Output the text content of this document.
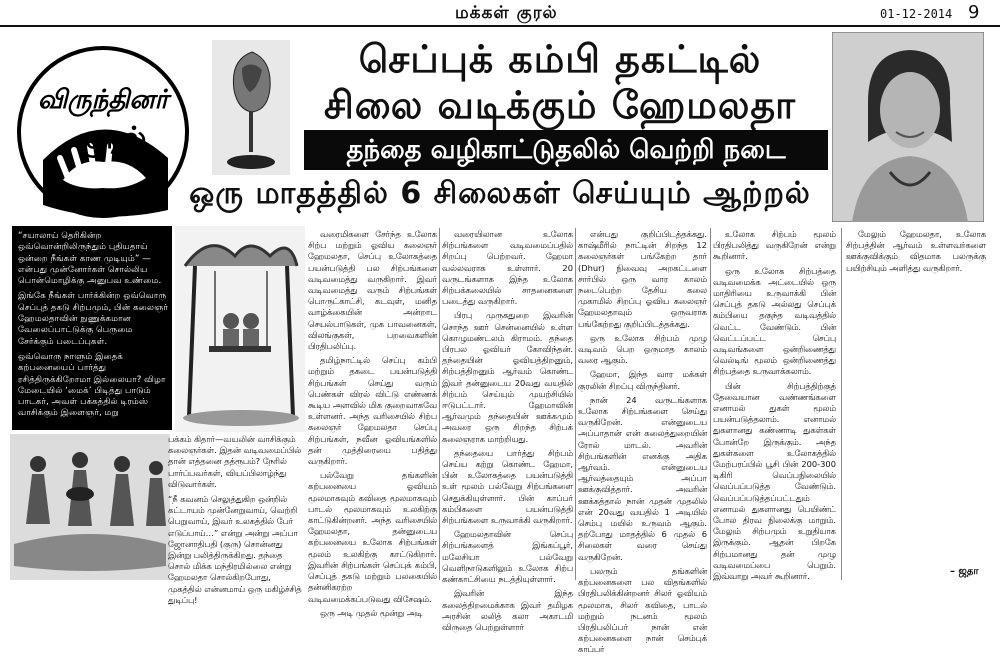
மக்கள் குரல்	01-12-2014 9
விருந்தினர்
குரல்
செப்புக் கம்பி தகட்டில்
சிலை வடிக்கும் ஹேமலதா
தந்தை வழிகாட்டுதலில் வெற்றி நடை
ஒரு மாதத்தில் 6 சிலைகள் செய்யும் ஆற்றல்

“சயாலாய் தெரிகின்ற ஒவ்வொன்றிலிருந்தும் புதியதாய் ஒன்றை நீங்கள் காண முடியும்” —என்பது முன்னோர்கள் சொல்லிய பொன்மொழிக்கு அனுபவ உண்மை.

இங்கே நீங்கள் பார்க்கின்ற ஒவ்வொரு செப்புத் தகடு சிற்பமும், பின் கலைஞர் ஹேமலதாவின் நுணுக்கமான வேலைப்பாட்டுக்கு பெருமை சேர்க்கும் படைப்புகள்.

ஒவ்வொரு நாளும் இதைக் கற்பனையைப் பார்த்து ரசித்திருக்கிறோமா இல்லையா? விழா மேடையில் ‘மைக்’ பிடித்து பாடும் பாடகர், அவள் பக்கத்தில் டிரம்ஸ் வாசிக்கும் இளைஞர், மறு

பக்கம் கிதார்—வயலின் வாசிக்கும் கலைஞர்கள். இதன் வடிவமைப்பில் தான் எத்தனை தத்ரூபம்? நேரில் பார்ப்பவர்கள், வியப்பிலாழ்ந்து விடுவார்கள்.

“நீ கவனம் செலுத்துகிற ஒன்றில் கட்டாயம் முன்னேறுவாய், வெற்றி பெறுவாய், இவர் உலகத்தில் பேர் எடுப்பாய்…” என்று அன்று அப்பா ஜோனாதிபதி (குரு) சொன்னது இன்று பலித்திருக்கிறது. தந்தை சொல் மிக்க மந்திரமில்லை என்று ஹேமலதா சொல்கிறபோது, முகத்தில் என்னமாய் ஒரு மகிழ்ச்சித் துடிப்பு!

வரைமிகளை சேர்ந்த உலோக சிற்ப மற்றும் ஓவிய கலைஞர் ஹேமலதா, செப்பு உலோகத்தை பயன்படுத்தி பல சிற்பங்களை வடிவமைத்து வருகிறார். இவர் வடிவமைத்து வரும் சிற்பங்கள் பொருட்காட்சி, கடவுள், மனித வாழ்க்கையின் அன்றாட செயல்பாடுகள், முக பாவனைகள், விலங்குகள், பறவைகளின் பிரதிபலிப்பு.

தமிழ்நாட்டில் செப்பு கம்பி மற்றும் தகடை பயன்படுத்தி சிற்பங்கள் செய்து வரும் பெண்கள் விரல் விட்டு எண்ணக் கூடிய அளவில் மிக குறைவாகவே உள்ளனர். அந்த வரிசையில் சிற்ப கலைஞர் ஹேமலதா செப்பு சிற்பங்கள், நவீன ஓவியங்களில் தன் முத்திரையை பதித்து வருகிறார்.

பல்வேறு தங்களின் கற்பனையை ஓவியம் மூலமாகவும் கவிதை மூலமாகவும் பாடல் மூலமாகவும் உலகிற்கு காட்டுகின்றனர். அந்த வரிசையில் ஹேமலதா, தன்னுடைய கற்பனையை உலோக சிற்பங்கள் மூலம் உலகிற்கு காட்டுகிறார். இவரின் சிற்பங்கள் செப்புக் கம்பி, செப்புத் தகடு மற்றும் பலகையில் தன்னிகரற்ற வடிவமைக்கப்படுவது விசேஷம்.

ஒரு அடி முதல் மூன்று அடி

வரையிலான உலோக சிற்பங்களை வடிவமைப்பதில் சிறப்பு பெற்றவர். ஹேமா வல்லவராக உள்ளார். 20 வருடங்களாக இந்த உலோக சிற்பக்கலையில் சாதனைகளை படைத்து வருகிறார்.

பிரபு முருகதுறை இவரின் சொந்த ஊர் சென்னையில் உள்ள கொழுமண்டலம் கிராமம். தந்தை பிரபல ஓவியர் கோவிந்தன். தந்தையின் ஓவியத்திறனும், சிற்பத்திறனும் ஆர்வம் கொண்ட இவர் தன்னுடைய 20வது வயதில் சிற்பம் செய்யும் முயற்சியில் ஈடுபட்டார். ஹேமாவின் ஆர்வமும் தந்தையின் ஊக்கமும் அவரை ஒரு சிறந்த சிற்பக் கலைஞராக மாற்றியது.

தந்தையை பார்த்து சிற்பம் செய்ய கற்று கொண்ட ஹேமா, பின் உலோகத்தை பயன்படுத்தி உள் மூலம் பல்வேறு சிற்பங்களை செதுக்கியுள்ளார். பின் காப்பர் கம்பிகளை பயன்படுத்தி சிற்பங்களை உருவாக்கி வருகிறார்.

ஹேமலதாவின் செப்பு சிற்பங்களைத் இங்கப்பூர், மலேசியா பல்வேறு வெளிநாடுகளிலும் உலோக சிற்ப கண்காட்சியை நடத்தியுள்ளார்.

இவரின் இந்த கலைத்திறமைக்காக இவர் தமிழக அரசின் லலித் கலா அகாடமி விருதை பெற்றுள்ளார்

என்பது குறிப்பிடத்தக்கது. காஷ்மீரில் நாட்டின் சிறந்த 12 கலைஞர்கள் பங்கேற்ற தார் (Dhur) நிவைவு அறகட்டளை சார்பில் ஒரு வார காலம் நடைபெற்ற தேசிய கலை முகாமில் சிறப்பு ஓவிய கலைஞர் ஹேமலதாவும் ஒருவராக பங்கேற்றது குறிப்பிடத்தக்கது.

ஒரு உலோக சிற்பம் முழு வடிவம் பெற ஒருமாத காலம் வரை ஆகும்.

ஹேமா, இந்த வார மக்கள் குரலின் சிறப்பு விருந்தினர்.

நான் 24 வருடங்களாக உலோக சிற்பங்களை செய்து வருகிறேன். என்னுடைய அப்பாதான் என் கலைத்துறையின் ரோல் மாடல். அவரின் சிற்பங்களின் எனக்கு அதிக ஆர்வம். என்னுடைய ஆர்வத்தையும் அப்பா ஊக்குவித்தார். அவரின் ஊக்கத்தால் நான் முதன் முதலில் என் 20வது வயதில் 1 அடியில் செம்பு மயில் உருவம் ஆகும். தற்போது மாதத்தில் 6 முதல் 6 சிலைகள் வரை செய்து வருகிறேன்.

பலரும் தங்களின் கற்பனைகளை பல விதங்களில் பிரதிபலிக்கின்றனர் சிலர் ஓவியம் மூலமாக, சிலர் கவிதை, பாடல் மற்றும் நடனம் மூலம் பிரதிபலிப்பர் நான் என் கற்பனைகளை நான் செம்புக் காப்பர்

உலோக சிற்பம் மூலம் பிரதிபலித்து வருகிறேன் என்று கூறினார்.

ஒரு உலோக சிற்பத்தை வடிவமைக்க அட்டையில் ஒரு மாதிரியை உருவாக்கி பின் செப்புத் தகடு அல்லது செப்புக் கம்பியை தகுந்த வடிவத்தில் வெட்ட வேண்டும். பின் வெட்டப்பட்ட செப்பு வடிவங்களை ஒன்றிணைத்து வெல்டிங் மூலம் ஒன்றிணைத்து சிற்பத்தை உருவாக்கலாம்.

பின் சிற்பத்திற்குத் தேவையான வண்ணங்களை எனாமல் துகள் மூலம் பயன்படுத்தலாம். எனாமல் துகளானது கண்ணாடி துகள்கள் போன்றே இருக்கும். அந்த துகள்களை உலோகத்தில் மேற்பரப்பில் பூசி பின் 200-300 டிகிரி வெப்பநிலையில் வெப்பப்படுத்த வேண்டும். வெப்பப்படுத்தப்பட்டதும் எனாமல் துகளானது பெயிண்ட் போல திரவ நிலைக்கு மாறும். மேலும் சிற்பமும் உறுதியாக இருக்கும். ஆதன் பிறகே சிற்பமானது தன் முழு வடிவமைப்பை பெறும். இவ்வாறு அவர் கூறினார்.

மேலும் ஹேமலதா, உலோக சிற்பத்தின் ஆர்வம் உள்ளவர்களை ஊக்குவிக்கும் விதமாக பலருக்கு பயிற்சியும் அளித்து வருகிறார்.

– ஜதா
